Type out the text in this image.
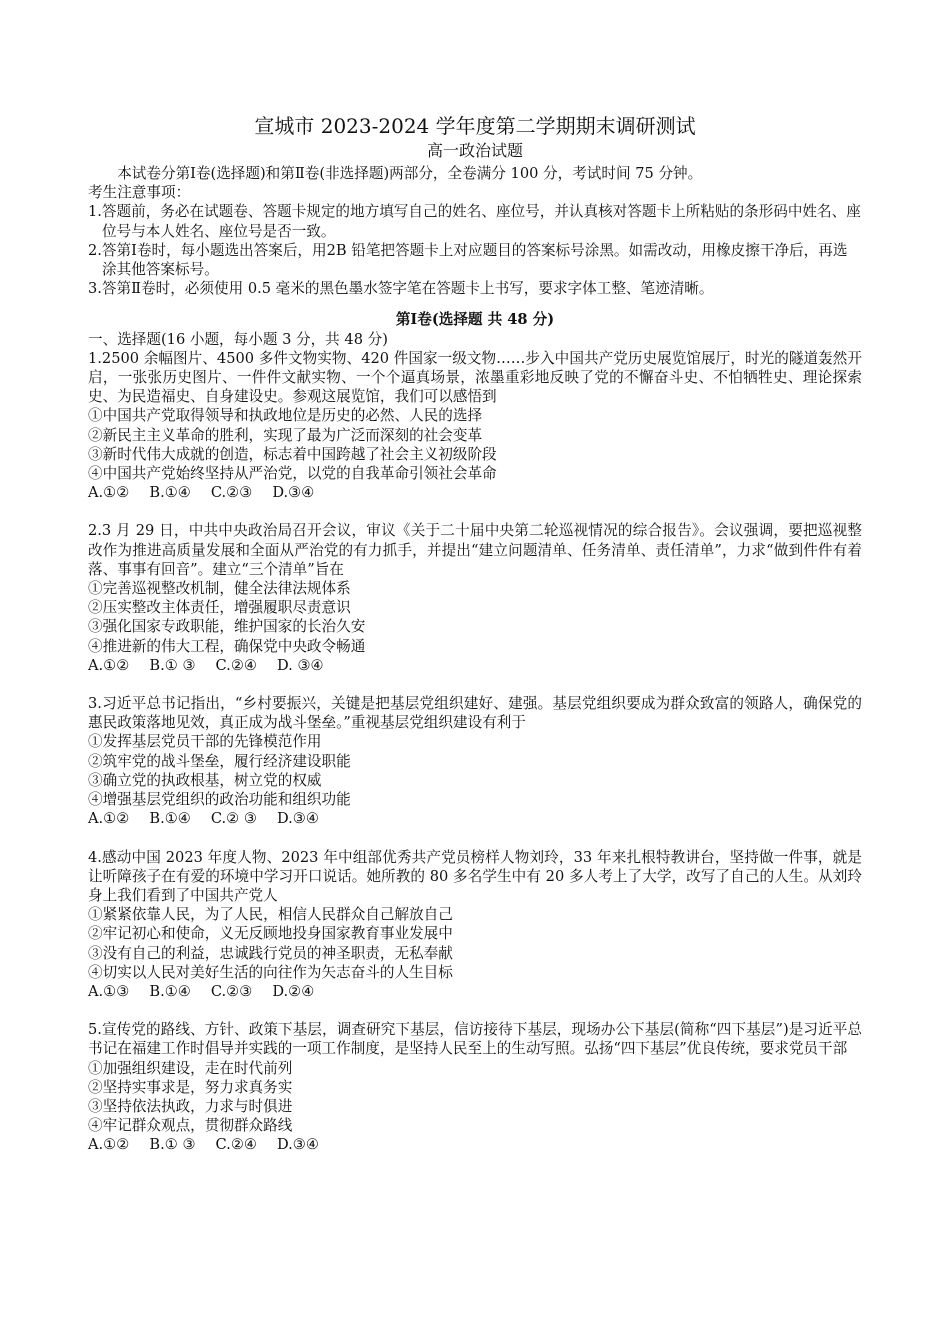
宣城市 2023-2024 学年度第二学期期末调研测试

高一政治试题

本试卷分第Ⅰ卷(选择题)和第Ⅱ卷(非选择题)两部分，全卷满分 100 分，考试时间 75 分钟。

考生注意事项：

1.答题前，务必在试题卷、答题卡规定的地方填写自己的姓名、座位号，并认真核对答题卡上所粘贴的条形码中姓名、座位号与本人姓名、座位号是否一致。

2.答第Ⅰ卷时，每小题选出答案后，用2B 铅笔把答题卡上对应题目的答案标号涂黑。如需改动，用橡皮擦干净后，再选涂其他答案标号。

3.答第Ⅱ卷时，必须使用 0.5 毫米的黑色墨水签字笔在答题卡上书写，要求字体工整、笔迹清晰。

第Ⅰ卷(选择题 共 48 分)

一、选择题(16 小题，每小题 3 分，共 48 分)

1.2500 余幅图片、4500 多件文物实物、420 件国家一级文物……步入中国共产党历史展览馆展厅，时光的隧道轰然开启，一张张历史图片、一件件文献实物、一个个逼真场景，浓墨重彩地反映了党的不懈奋斗史、不怕牺牲史、理论探索史、为民造福史、自身建设史。参观这展览馆，我们可以感悟到

①中国共产党取得领导和执政地位是历史的必然、人民的选择

②新民主主义革命的胜利，实现了最为广泛而深刻的社会变革

③新时代伟大成就的创造，标志着中国跨越了社会主义初级阶段

④中国共产党始终坚持从严治党，以党的自我革命引领社会革命

A.①② B.①④ C.②③ D.③④

2.3 月 29 日，中共中央政治局召开会议，审议《关于二十届中央第二轮巡视情况的综合报告》。会议强调，要把巡视整改作为推进高质量发展和全面从严治党的有力抓手，并提出“建立问题清单、任务清单、责任清单”，力求“做到件件有着落、事事有回音”。建立“三个清单”旨在

①完善巡视整改机制，健全法律法规体系

②压实整改主体责任，增强履职尽责意识

③强化国家专政职能，维护国家的长治久安

④推进新的伟大工程，确保党中央政令畅通

A.①② B.① ③ C.②④ D. ③④

3.习近平总书记指出，“乡村要振兴，关键是把基层党组织建好、建强。基层党组织要成为群众致富的领路人，确保党的惠民政策落地见效，真正成为战斗堡垒。”重视基层党组织建设有利于

①发挥基层党员干部的先锋模范作用

②筑牢党的战斗堡垒，履行经济建设职能

③确立党的执政根基，树立党的权威

④增强基层党组织的政治功能和组织功能

A.①② B.①④ C.② ③ D.③④

4.感动中国 2023 年度人物、2023 年中组部优秀共产党员榜样人物刘玲，33 年来扎根特教讲台，坚持做一件事，就是让听障孩子在有爱的环境中学习开口说话。她所教的 80 多名学生中有 20 多人考上了大学，改写了自己的人生。从刘玲身上我们看到了中国共产党人

①紧紧依靠人民，为了人民，相信人民群众自己解放自己

②牢记初心和使命，义无反顾地投身国家教育事业发展中

③没有自己的利益，忠诚践行党员的神圣职责，无私奉献

④切实以人民对美好生活的向往作为矢志奋斗的人生目标

A.①③ B.①④ C.②③ D.②④

5.宣传党的路线、方针、政策下基层，调查研究下基层，信访接待下基层，现场办公下基层(简称“四下基层”)是习近平总书记在福建工作时倡导并实践的一项工作制度，是坚持人民至上的生动写照。弘扬“四下基层”优良传统，要求党员干部

①加强组织建设，走在时代前列

②坚持实事求是，努力求真务实

③坚持依法执政，力求与时俱进

④牢记群众观点，贯彻群众路线

A.①② B.① ③ C.②④ D.③④
